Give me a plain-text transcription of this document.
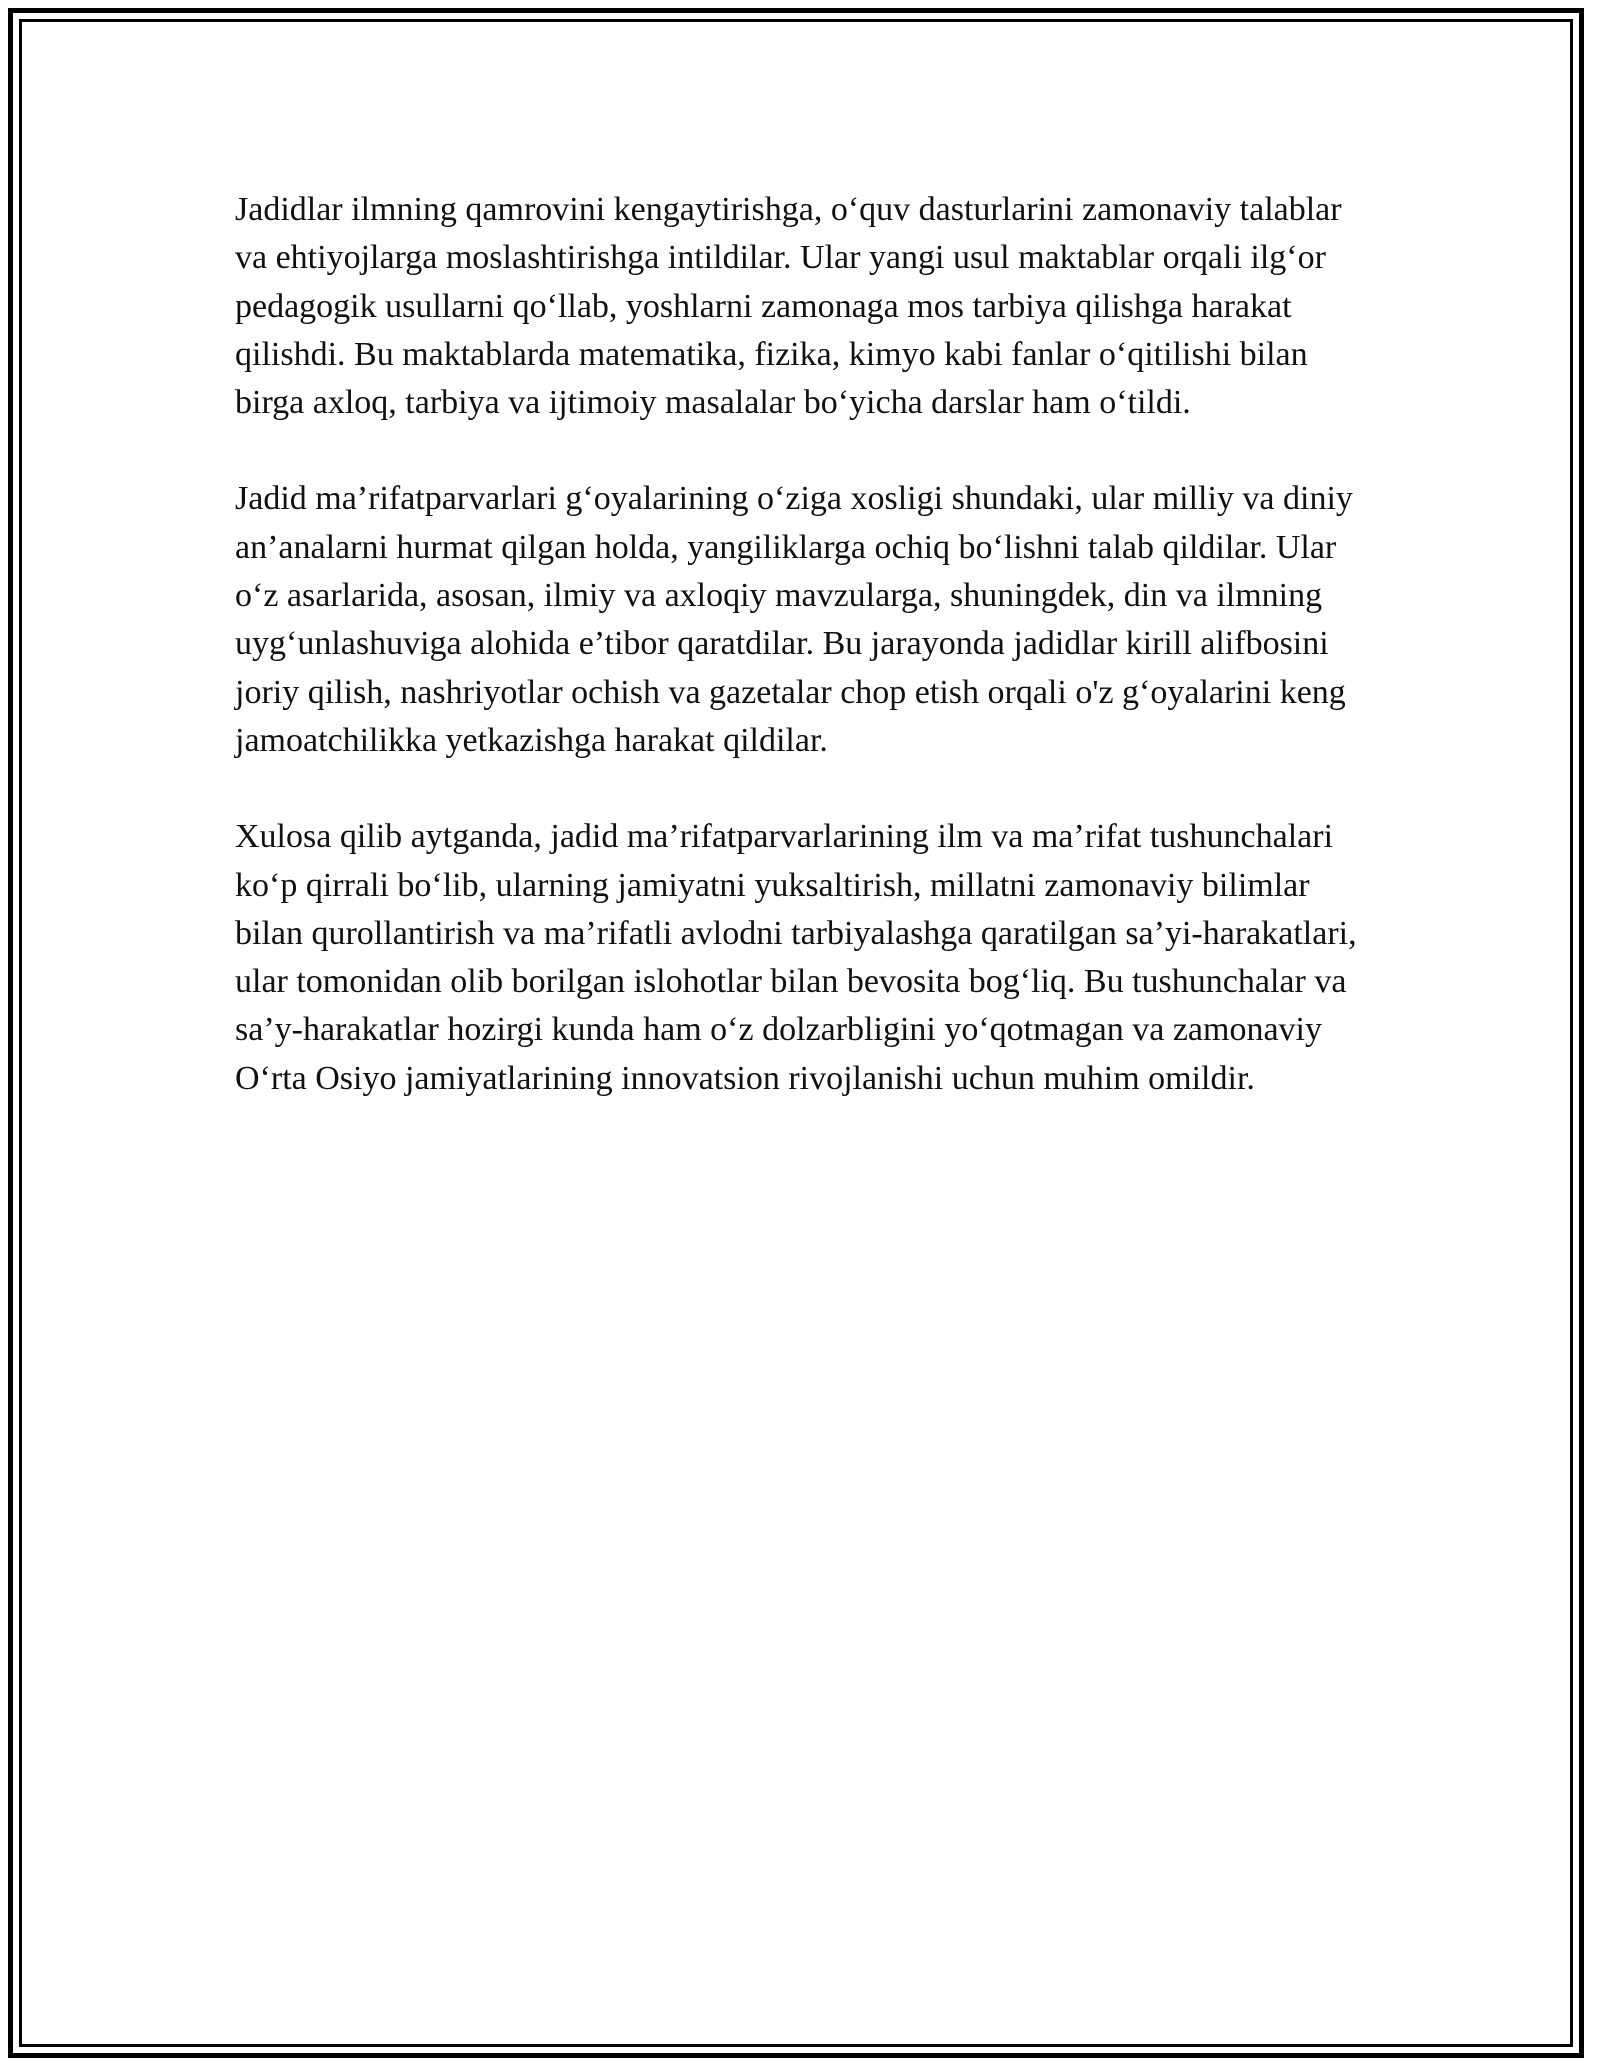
Jadidlar ilmning qamrovini kengaytirishga, o‘quv dasturlarini zamonaviy talablar va ehtiyojlarga moslashtirishga intildilar. Ular yangi usul maktablar orqali ilg‘or pedagogik usullarni qo‘llab, yoshlarni zamonaga mos tarbiya qilishga harakat qilishdi. Bu maktablarda matematika, fizika, kimyo kabi fanlar o‘qitilishi bilan birga axloq, tarbiya va ijtimoiy masalalar bo‘yicha darslar ham o‘tildi.

Jadid ma’rifatparvarlari g‘oyalarining o‘ziga xosligi shundaki, ular milliy va diniy an’analarni hurmat qilgan holda, yangiliklarga ochiq bo‘lishni talab qildilar. Ular o‘z asarlarida, asosan, ilmiy va axloqiy mavzularga, shuningdek, din va ilmning uyg‘unlashuviga alohida e’tibor qaratdilar. Bu jarayonda jadidlar kirill alifbosini joriy qilish, nashriyotlar ochish va gazetalar chop etish orqali o'z g‘oyalarini keng jamoatchilikka yetkazishga harakat qildilar.

Xulosa qilib aytganda, jadid ma’rifatparvarlarining ilm va ma’rifat tushunchalari ko‘p qirrali bo‘lib, ularning jamiyatni yuksaltirish, millatni zamonaviy bilimlar bilan qurollantirish va ma’rifatli avlodni tarbiyalashga qaratilgan sa’yi-harakatlari, ular tomonidan olib borilgan islohotlar bilan bevosita bog‘liq. Bu tushunchalar va sa’y-harakatlar hozirgi kunda ham o‘z dolzarbligini yo‘qotmagan va zamonaviy O‘rta Osiyo jamiyatlarining innovatsion rivojlanishi uchun muhim omildir.
